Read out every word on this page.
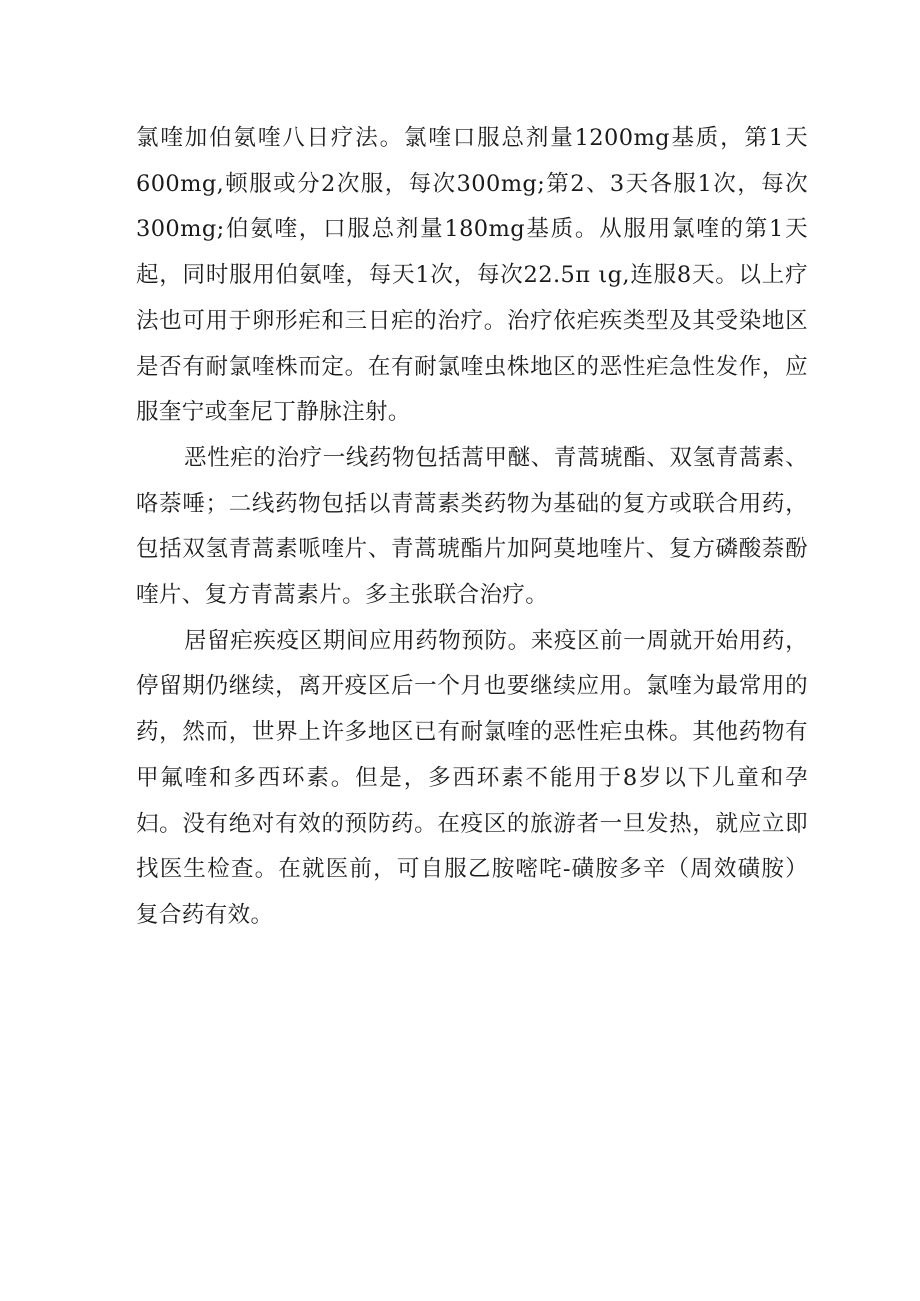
氯喹加伯氨喹八日疗法。氯喹口服总剂量1200mg基质，第1天600mg,顿服或分2次服，每次300mg;第2、3天各服1次，每次300mg;伯氨喹，口服总剂量180mg基质。从服用氯喹的第1天起，同时服用伯氨喹，每天1次，每次22.5π ιg,连服8天。以上疗法也可用于卵形疟和三日疟的治疗。治疗依疟疾类型及其受染地区是否有耐氯喹株而定。在有耐氯喹虫株地区的恶性疟急性发作，应服奎宁或奎尼丁静脉注射。

恶性疟的治疗一线药物包括蒿甲醚、青蒿琥酯、双氢青蒿素、咯萘唾；二线药物包括以青蒿素类药物为基础的复方或联合用药，包括双氢青蒿素哌喹片、青蒿琥酯片加阿莫地喹片、复方磷酸萘酚喹片、复方青蒿素片。多主张联合治疗。

居留疟疾疫区期间应用药物预防。来疫区前一周就开始用药，停留期仍继续，离开疫区后一个月也要继续应用。氯喹为最常用的药，然而，世界上许多地区已有耐氯喹的恶性疟虫株。其他药物有甲氟喹和多西环素。但是，多西环素不能用于8岁以下儿童和孕妇。没有绝对有效的预防药。在疫区的旅游者一旦发热，就应立即找医生检查。在就医前，可自服乙胺嘧咤-磺胺多辛（周效磺胺）复合药有效。
